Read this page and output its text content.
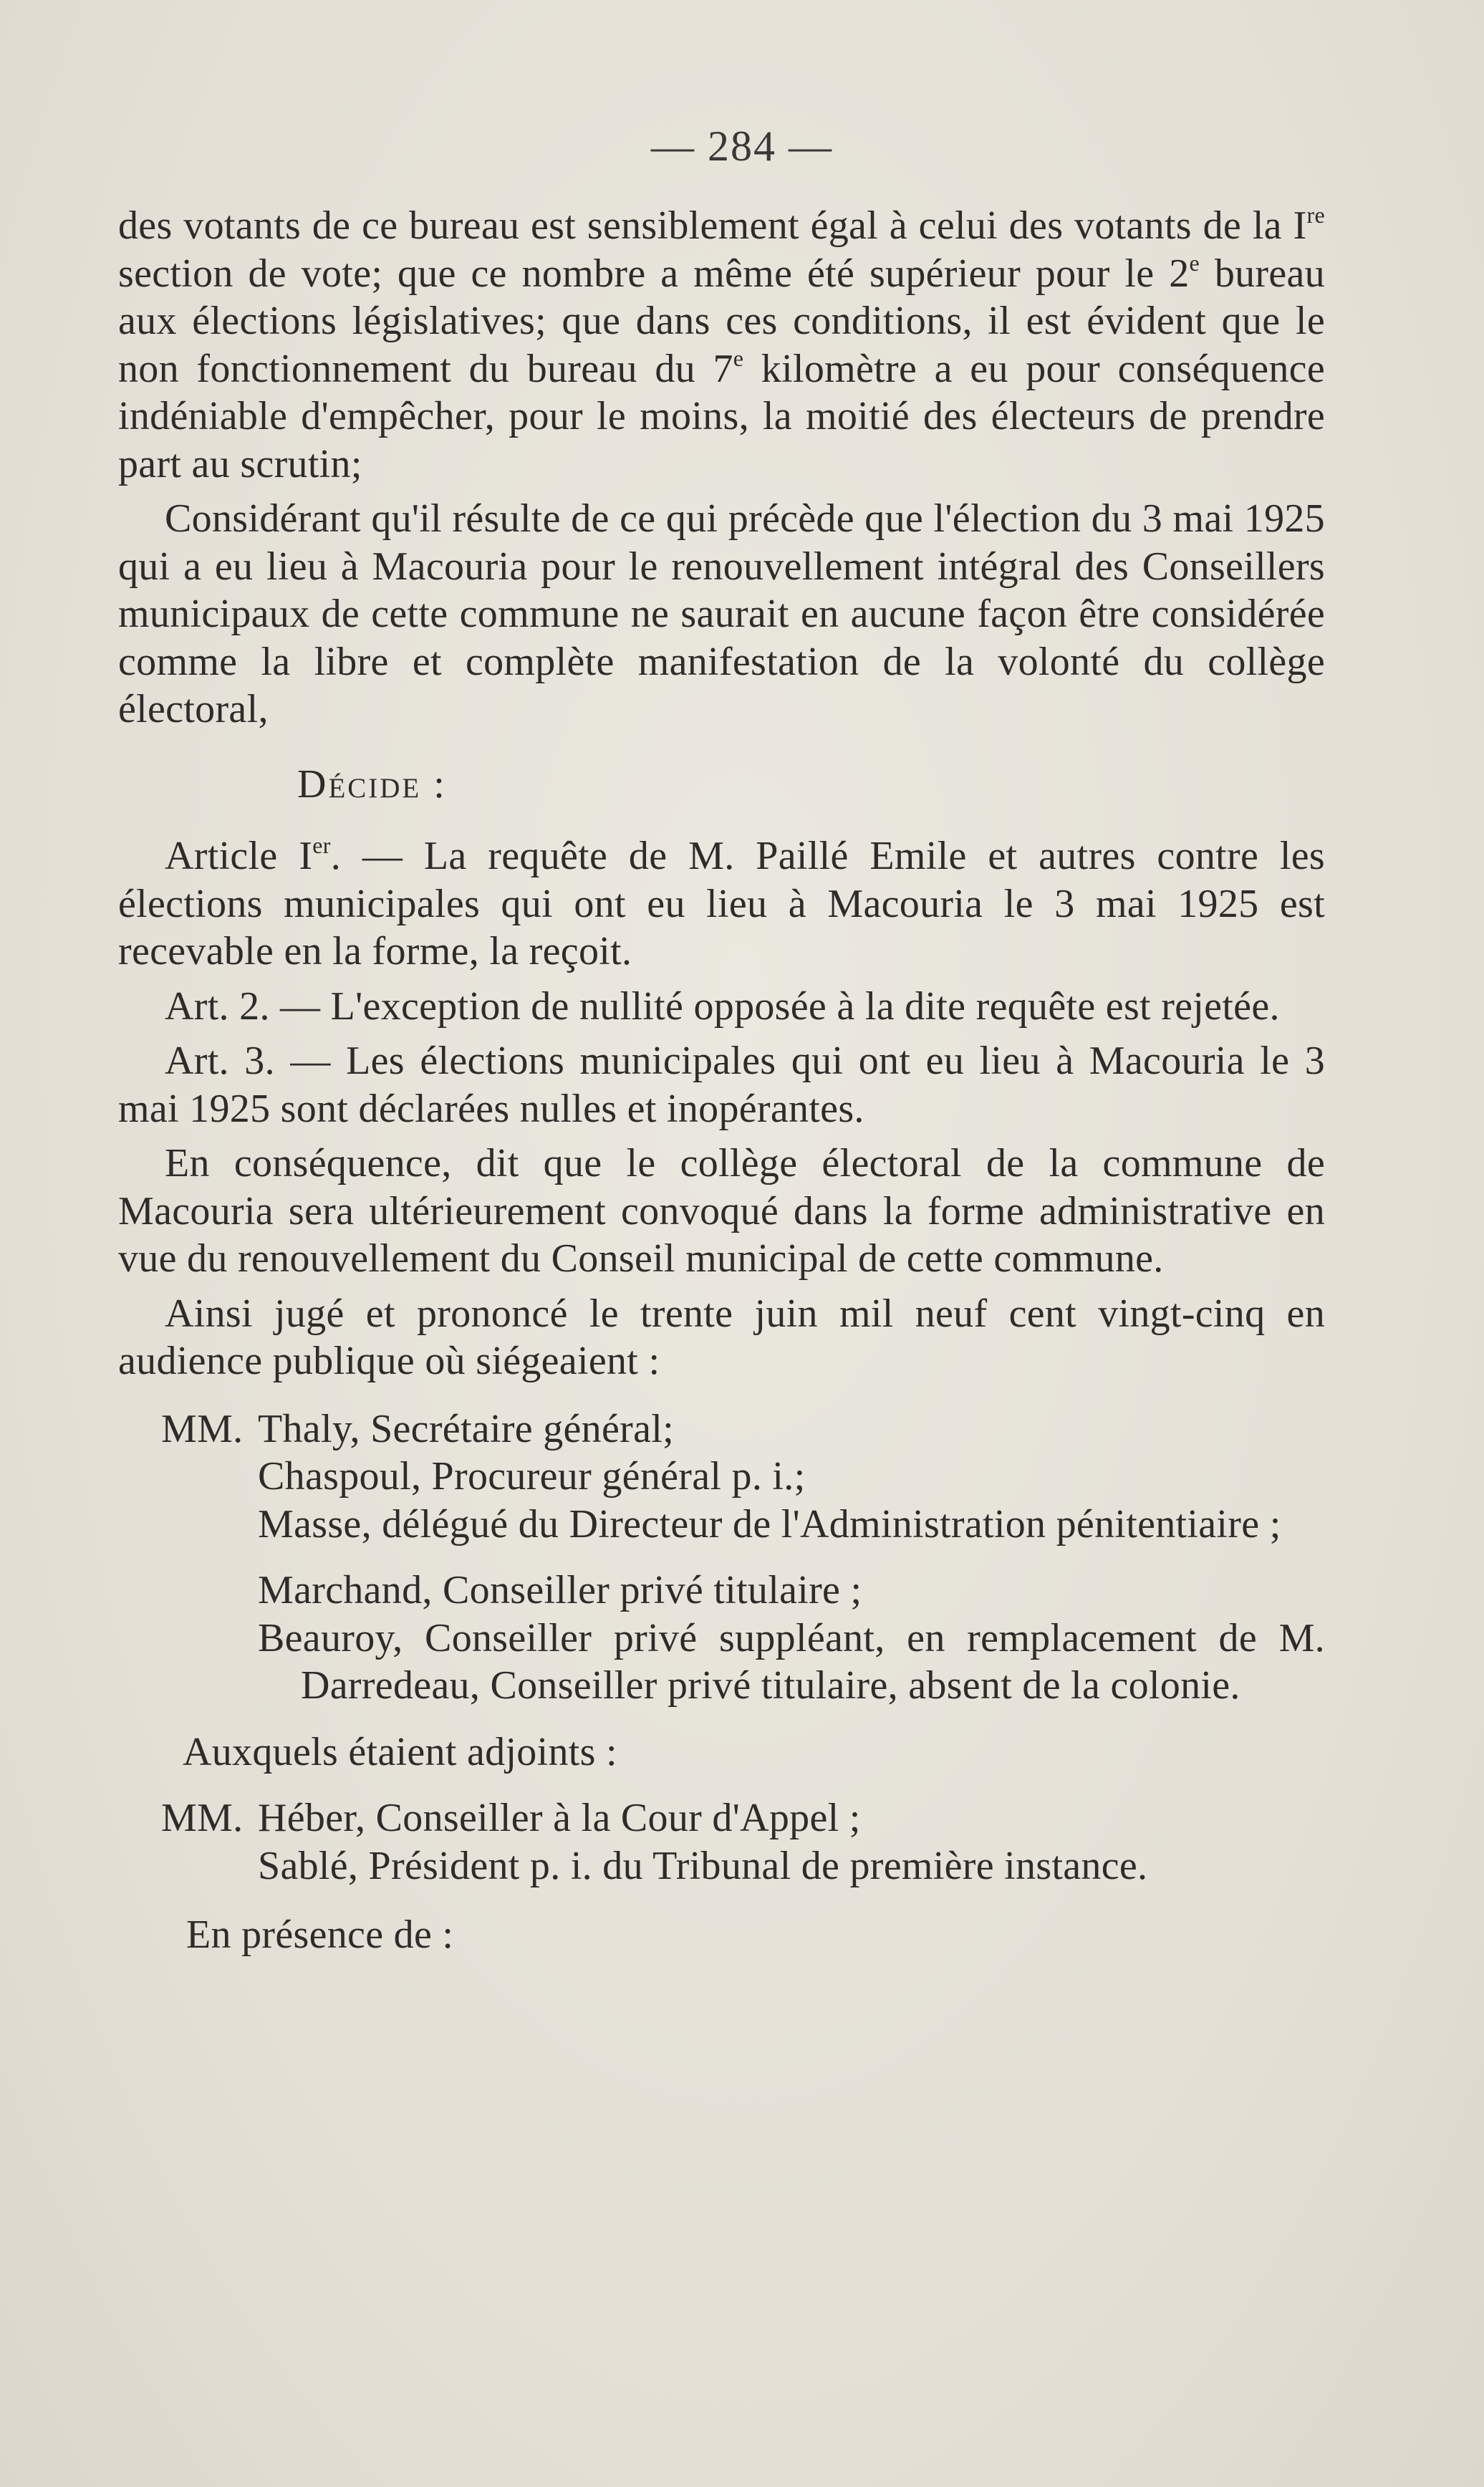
— 284 —

des votants de ce bureau est sensiblement égal à celui des votants de la Ire section de vote; que ce nombre a même été supérieur pour le 2e bureau aux élections législatives; que dans ces conditions, il est évident que le non fonctionnement du bureau du 7e kilomètre a eu pour conséquence indéniable d'empêcher, pour le moins, la moitié des électeurs de prendre part au scrutin;

Considérant qu'il résulte de ce qui précède que l'élection du 3 mai 1925 qui a eu lieu à Macouria pour le renouvellement intégral des Conseillers municipaux de cette commune ne saurait en aucune façon être considérée comme la libre et complète manifestation de la volonté du collège électoral,

Décide :

Article Ier. — La requête de M. Paillé Emile et autres contre les élections municipales qui ont eu lieu à Macouria le 3 mai 1925 est recevable en la forme, la reçoit.

Art. 2. — L'exception de nullité opposée à la dite requête est rejetée.

Art. 3. — Les élections municipales qui ont eu lieu à Macouria le 3 mai 1925 sont déclarées nulles et inopérantes.

En conséquence, dit que le collège électoral de la commune de Macouria sera ultérieurement convoqué dans la forme administrative en vue du renouvellement du Conseil municipal de cette commune.

Ainsi jugé et prononcé le trente juin mil neuf cent vingt-cinq en audience publique où siégeaient :

MM. Thaly, Secrétaire général;

Chaspoul, Procureur général p. i.;

Masse, délégué du Directeur de l'Administration pénitentiaire ;

Marchand, Conseiller privé titulaire ;

Beauroy, Conseiller privé suppléant, en remplacement de M. Darredeau, Conseiller privé titulaire, absent de la colonie.

Auxquels étaient adjoints :

MM. Héber, Conseiller à la Cour d'Appel ;

Sablé, Président p. i. du Tribunal de première instance.

En présence de :
